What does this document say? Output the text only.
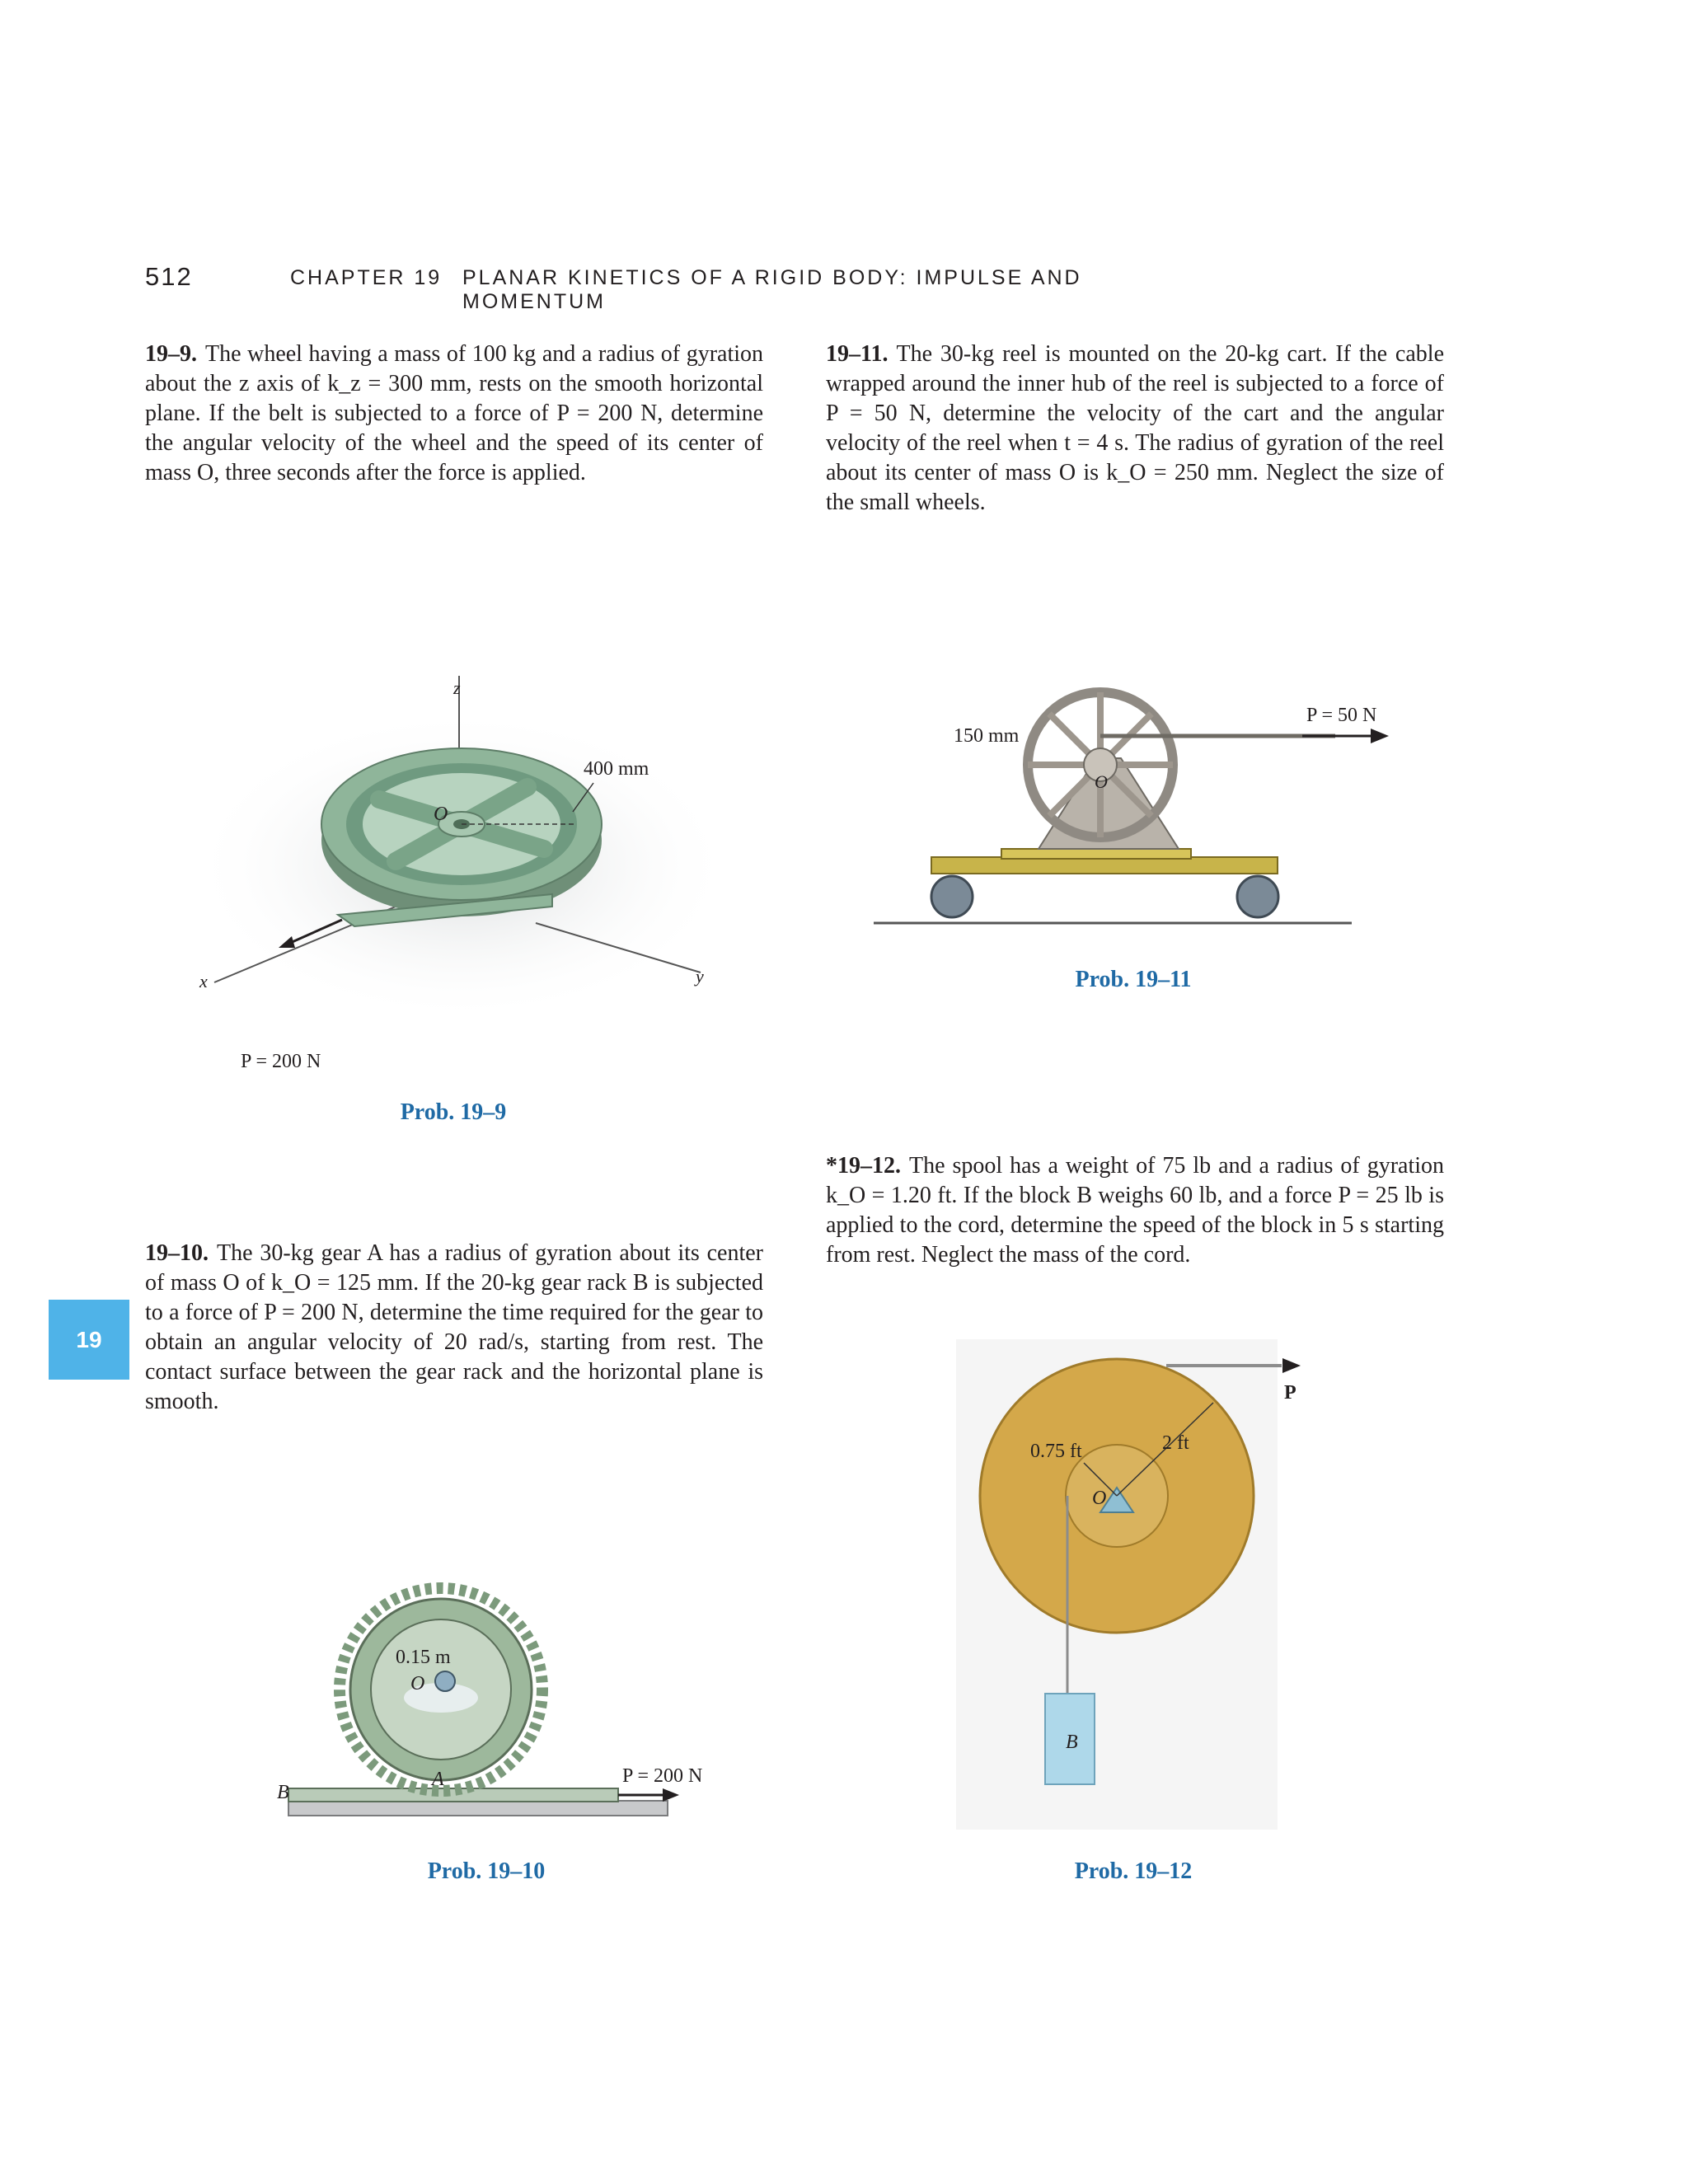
512	CHAPTER 19 PLANAR KINETICS OF A RIGID BODY: IMPULSE AND MOMENTUM

19–9. The wheel having a mass of 100 kg and a radius of gyration about the z axis of k_z = 300 mm, rests on the smooth horizontal plane. If the belt is subjected to a force of P = 200 N, determine the angular velocity of the wheel and the speed of its center of mass O, three seconds after the force is applied.

19–11. The 30-kg reel is mounted on the 20-kg cart. If the cable wrapped around the inner hub of the reel is subjected to a force of P = 50 N, determine the velocity of the cart and the angular velocity of the reel when t = 4 s. The radius of gyration of the reel about its center of mass O is k_O = 250 mm. Neglect the size of the small wheels.

19–10. The 30-kg gear A has a radius of gyration about its center of mass O of k_O = 125 mm. If the 20-kg gear rack B is subjected to a force of P = 200 N, determine the time required for the gear to obtain an angular velocity of 20 rad/s, starting from rest. The contact surface between the gear rack and the horizontal plane is smooth.

*19–12. The spool has a weight of 75 lb and a radius of gyration k_O = 1.20 ft. If the block B weighs 60 lb, and a force P = 25 lb is applied to the cord, determine the speed of the block in 5 s starting from rest. Neglect the mass of the cord.

19
z
x	y
O
400 mm
P = 200 N
Prob. 19–9
P = 50 N
150 mm
O
Prob. 19–11
0.15 m
O
A
B
P = 200 N
Prob. 19–10
0.75 ft	2 ft
O
B
P
Prob. 19–12
